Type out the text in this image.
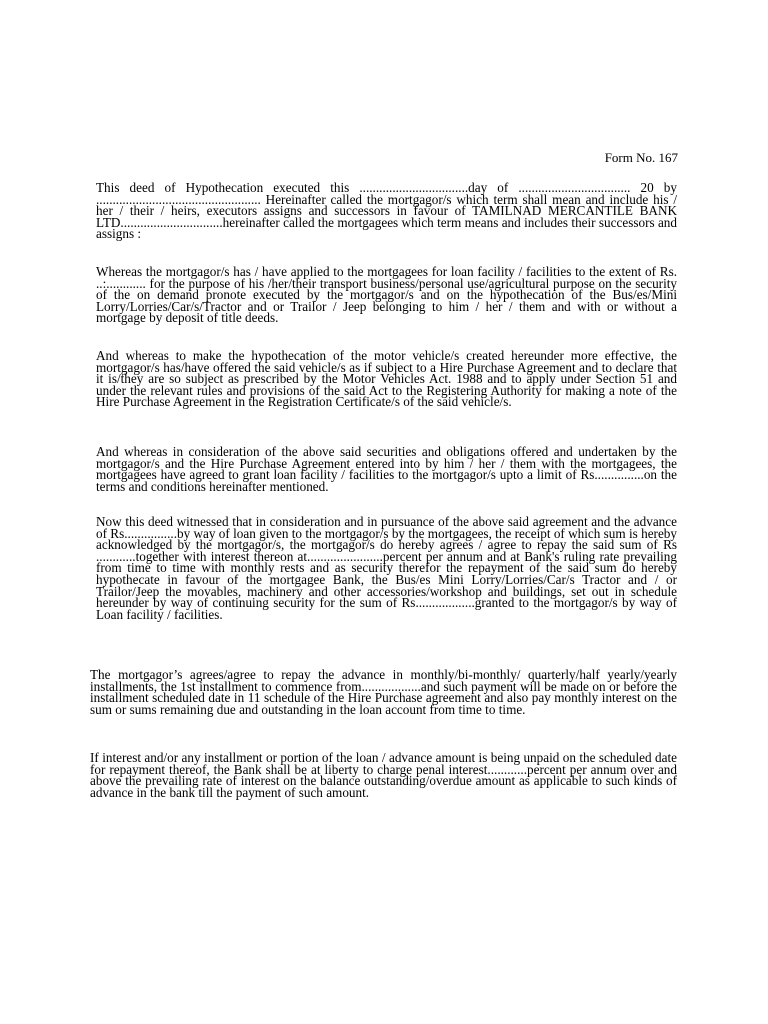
Form No. 167
This deed of Hypothecation executed this .................................day of .................................. 20 by .................................................. Hereinafter called the mortgagor/s which term shall mean and include his / her / their / heirs, executors assigns and successors in favour of TAMILNAD MERCANTILE BANK LTD...............................hereinafter called the mortgagees which term means and includes their successors and assigns :
Whereas the mortgagor/s has / have applied to the mortgagees for loan facility / facilities to the extent of Rs. ..:............ for the purpose of his /her/their transport business/personal use/agricultural purpose on the security of the on demand pronote executed by the mortgagor/s and on the hypothecation of the Bus/es/Mini Lorry/Lorries/Car/s/Tractor and or Trailor / Jeep belonging to him / her / them and with or without a mortgage by deposit of title deeds.
And whereas to make the hypothecation of the motor vehicle/s created hereunder more effective, the mortgagor/s has/have offered the said vehicle/s as if subject to a Hire Purchase Agreement and to declare that it is/they are so subject as prescribed by the Motor Vehicles Act. 1988 and to apply under Section 51 and under the relevant rules and provisions of the said Act to the Registering Authority for making a note of the Hire Purchase Agreement in the Registration Certificate/s of the said vehicle/s.
And whereas in consideration of the above said securities and obligations offered and undertaken by the mortgagor/s and the Hire Purchase Agreement entered into by him / her / them with the mortgagees, the mortgagees have agreed to grant loan facility / facilities to the mortgagor/s upto a limit of Rs...............on the terms and conditions hereinafter mentioned.
Now this deed witnessed that in consideration and in pursuance of the above said agreement and the advance of Rs................by way of loan given to the mortgagor/s by the mortgagees, the receipt of which sum is hereby acknowledged by the mortgagor/s, the mortgagor/s do hereby agrees / agree to repay the said sum of Rs ............together with interest thereon at.......................percent per annum and at Bank's ruling rate prevailing from time to time with monthly rests and as security therefor the repayment of the said sum do hereby hypothecate in favour of the mortgagee Bank, the Bus/es Mini Lorry/Lorries/Car/s Tractor and / or Trailor/Jeep the movables, machinery and other accessories/workshop and buildings, set out in schedule hereunder by way of continuing security for the sum of Rs..................granted to the mortgagor/s by way of Loan facility / facilities.
The mortgagor’s agrees/agree to repay the advance in monthly/bi-monthly/ quarterly/half yearly/yearly installments, the 1st installment to commence from..................and such payment will be made on or before the installment scheduled date in 11 schedule of the Hire Purchase agreement and also pay monthly interest on the sum or sums remaining due and outstanding in the loan account from time to time.
If interest and/or any installment or portion of the loan / advance amount is being unpaid on the scheduled date for repayment thereof, the Bank shall be at liberty to charge penal interest............percent per annum over and above the prevailing rate of interest on the balance outstanding/overdue amount as applicable to such kinds of advance in the bank till the payment of such amount.
